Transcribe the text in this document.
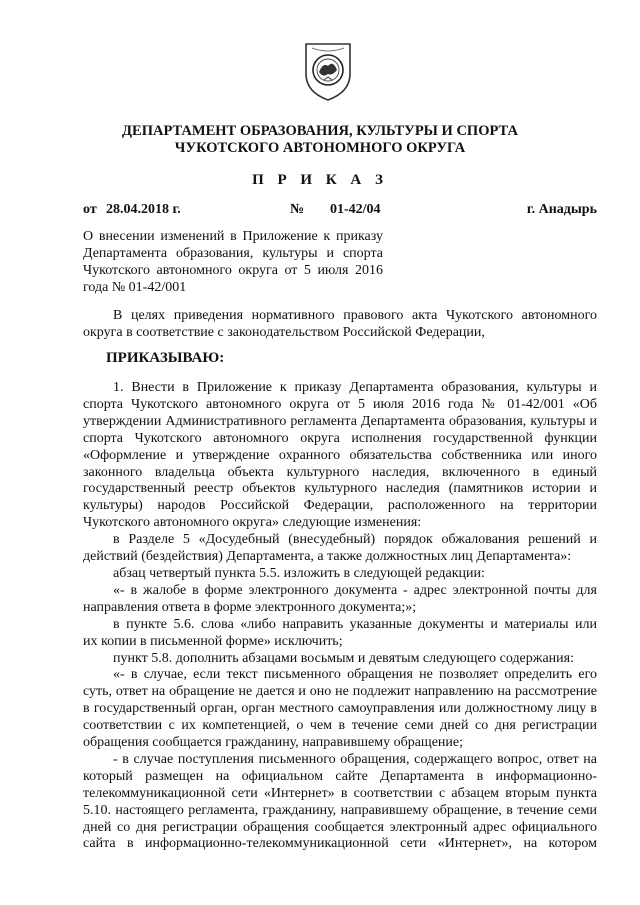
ДЕПАРТАМЕНТ ОБРАЗОВАНИЯ, КУЛЬТУРЫ И СПОРТА
ЧУКОТСКОГО АВТОНОМНОГО ОКРУГА
П Р И К А З
от 28.04.2018 г.	№ 01-42/04	г. Анадырь
О внесении изменений в Приложение к приказу
Департамента образования, культуры и спорта
Чукотского автономного округа от 5 июля 2016
года № 01-42/001
В целях приведения нормативного правового акта Чукотского автономного
округа в соответствие с законодательством Российской Федерации,
ПРИКАЗЫВАЮ:
1. Внести в Приложение к приказу Департамента образования, культуры и
спорта Чукотского автономного округа от 5 июля 2016 года № 01-42/001 «Об
утверждении Административного регламента Департамента образования, культуры и
спорта Чукотского автономного округа исполнения государственной функции
«Оформление и утверждение охранного обязательства собственника или иного
законного владельца объекта культурного наследия, включенного в единый
государственный реестр объектов культурного наследия (памятников истории и
культуры) народов Российской Федерации, расположенного на территории
Чукотского автономного округа» следующие изменения:
в Разделе 5 «Досудебный (внесудебный) порядок обжалования решений и
действий (бездействия) Департамента, а также должностных лиц Департамента»:
абзац четвертый пункта 5.5. изложить в следующей редакции:
«- в жалобе в форме электронного документа - адрес электронной почты для
направления ответа в форме электронного документа;»;
в пункте 5.6. слова «либо направить указанные документы и материалы или
их копии в письменной форме» исключить;
пункт 5.8. дополнить абзацами восьмым и девятым следующего содержания:
«- в случае, если текст письменного обращения не позволяет определить его
суть, ответ на обращение не дается и оно не подлежит направлению на рассмотрение
в государственный орган, орган местного самоуправления или должностному лицу в
соответствии с их компетенцией, о чем в течение семи дней со дня регистрации
обращения сообщается гражданину, направившему обращение;
- в случае поступления письменного обращения, содержащего вопрос, ответ на
который размещен на официальном сайте Департамента в информационно-
телекоммуникационной сети «Интернет» в соответствии с абзацем вторым пункта
5.10. настоящего регламента, гражданину, направившему обращение, в течение семи
дней со дня регистрации обращения сообщается электронный адрес официального
сайта в информационно-телекоммуникационной сети «Интернет», на котором
